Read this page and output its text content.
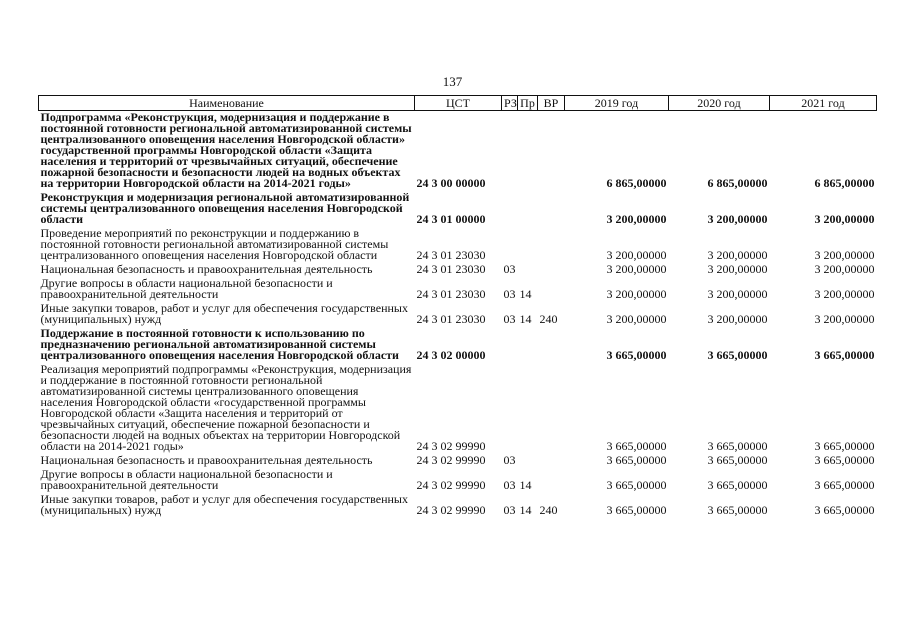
137
Наименование	ЦСТ	РЗ	Пр	ВР	2019 год	2020 год	2021 год
Подпрограмма «Реконструкция, модернизация и поддержание в постоянной готовности региональной автоматизированной системы централизованного оповещения населения Новгородской области» государственной программы Новгородской области «Защита населения и территорий от чрезвычайных ситуаций, обеспечение пожарной безопасности и безопасности людей на водных объектах на территории Новгородской области на 2014-2021 годы»	24 3 00 00000				6 865,00000	6 865,00000	6 865,00000
Реконструкция и модернизация региональной автоматизированной системы централизованного оповещения населения Новгородской области	24 3 01 00000				3 200,00000	3 200,00000	3 200,00000
Проведение мероприятий по реконструкции и поддержанию в постоянной готовности региональной автоматизированной системы централизованного оповещения населения Новгородской области	24 3 01 23030				3 200,00000	3 200,00000	3 200,00000
Национальная безопасность и правоохранительная деятельность	24 3 01 23030	03			3 200,00000	3 200,00000	3 200,00000
Другие вопросы в области национальной безопасности и правоохранительной деятельности	24 3 01 23030	03	14		3 200,00000	3 200,00000	3 200,00000
Иные закупки товаров, работ и услуг для обеспечения государственных (муниципальных) нужд	24 3 01 23030	03	14	240	3 200,00000	3 200,00000	3 200,00000
Поддержание в постоянной готовности к использованию по предназначению региональной автоматизированной системы централизованного оповещения населения Новгородской области	24 3 02 00000				3 665,00000	3 665,00000	3 665,00000
Реализация мероприятий подпрограммы «Реконструкция, модернизация и поддержание в постоянной готовности региональной автоматизированной системы централизованного оповещения населения Новгородской области «государственной программы Новгородской области «Защита населения и территорий от чрезвычайных ситуаций, обеспечение пожарной безопасности и безопасности людей на водных объектах на территории Новгородской области на 2014-2021 годы»	24 3 02 99990				3 665,00000	3 665,00000	3 665,00000
Национальная безопасность и правоохранительная деятельность	24 3 02 99990	03			3 665,00000	3 665,00000	3 665,00000
Другие вопросы в области национальной безопасности и правоохранительной деятельности	24 3 02 99990	03	14		3 665,00000	3 665,00000	3 665,00000
Иные закупки товаров, работ и услуг для обеспечения государственных (муниципальных) нужд	24 3 02 99990	03	14	240	3 665,00000	3 665,00000	3 665,00000
